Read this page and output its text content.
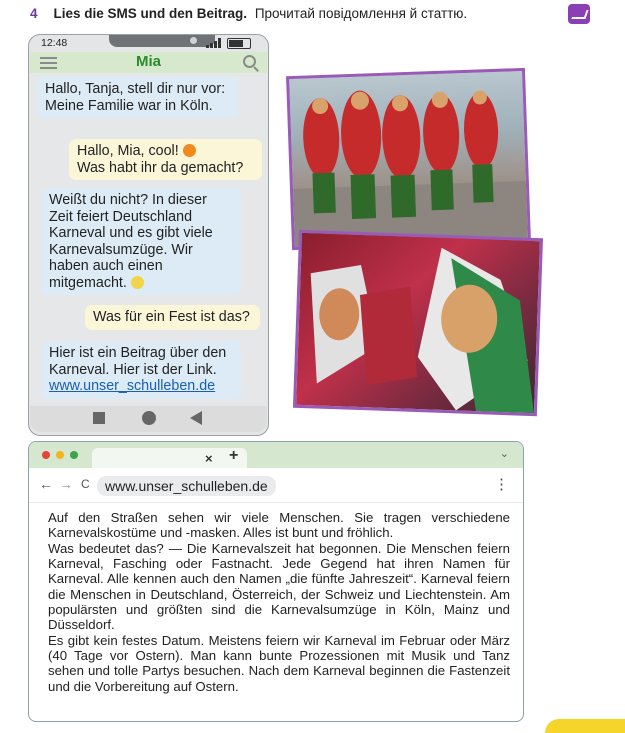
4 Lies die SMS und den Beitrag. Прочитай повідомлення й статтю.
12:48
Mia
Hallo, Tanja, stell dir nur vor: Meine Familie war in Köln.
Hallo, Mia, cool!
Was habt ihr da gemacht?
Weißt du nicht? In dieser Zeit feiert Deutschland Karneval und es gibt viele Karnevalsumzüge. Wir haben auch einen mitgemacht.
Was für ein Fest ist das?
Hier ist ein Beitrag über den Karneval. Hier ist der Link.
www.unser_schulleben.de
× +	⌄
← → C	www.unser_schulleben.de	⋮

Auf den Straßen sehen wir viele Menschen. Sie tragen verschiedene Karnevalskostüme und -masken. Alles ist bunt und fröhlich.

Was bedeutet das? — Die Karnevalszeit hat begonnen. Die Menschen feiern Karneval, Fasching oder Fastnacht. Jede Gegend hat ihren Namen für Karneval. Alle kennen auch den Namen „die fünfte Jahreszeit“. Karneval feiern die Menschen in Deutschland, Österreich, der Schweiz und Liechtenstein. Am populärsten und größten sind die Karnevalsumzüge in Köln, Mainz und Düsseldorf.

Es gibt kein festes Datum. Meistens feiern wir Karneval im Februar oder März (40 Tage vor Ostern). Man kann bunte Prozessionen mit Musik und Tanz sehen und tolle Partys besuchen. Nach dem Karneval beginnen die Fastenzeit und die Vorbereitung auf Ostern.
